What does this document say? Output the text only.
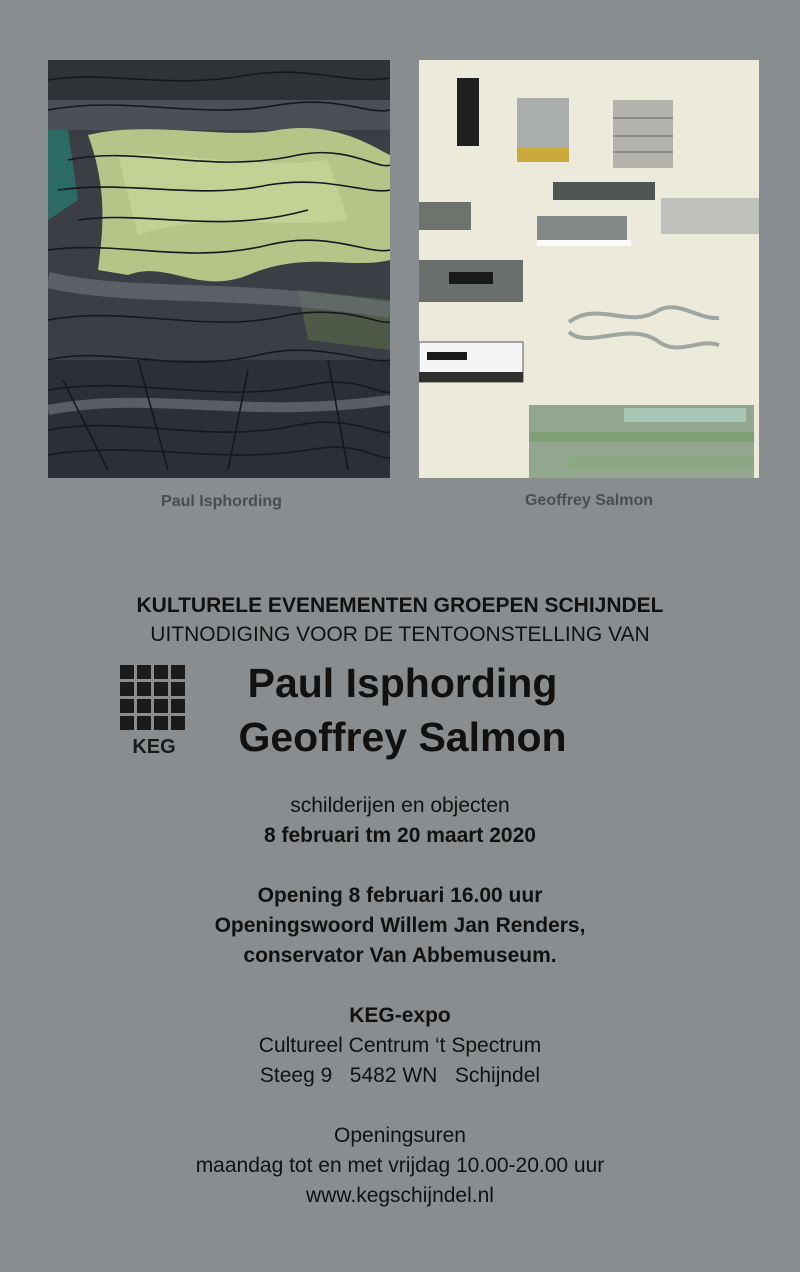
Paul Isphording	Geoffrey Salmon
KULTURELE EVENEMENTEN GROEPEN SCHIJNDEL
UITNODIGING VOOR DE TENTOONSTELLING VAN
KEG
Paul Isphording
Geoffrey Salmon
schilderijen en objecten
8 februari tm 20 maart 2020
Opening 8 februari 16.00 uur
Openingswoord Willem Jan Renders,
conservator Van Abbemuseum.
KEG-expo
Cultureel Centrum ‘t Spectrum
Steeg 9   5482 WN   Schijndel
Openingsuren
maandag tot en met vrijdag 10.00-20.00 uur
www.kegschijndel.nl
